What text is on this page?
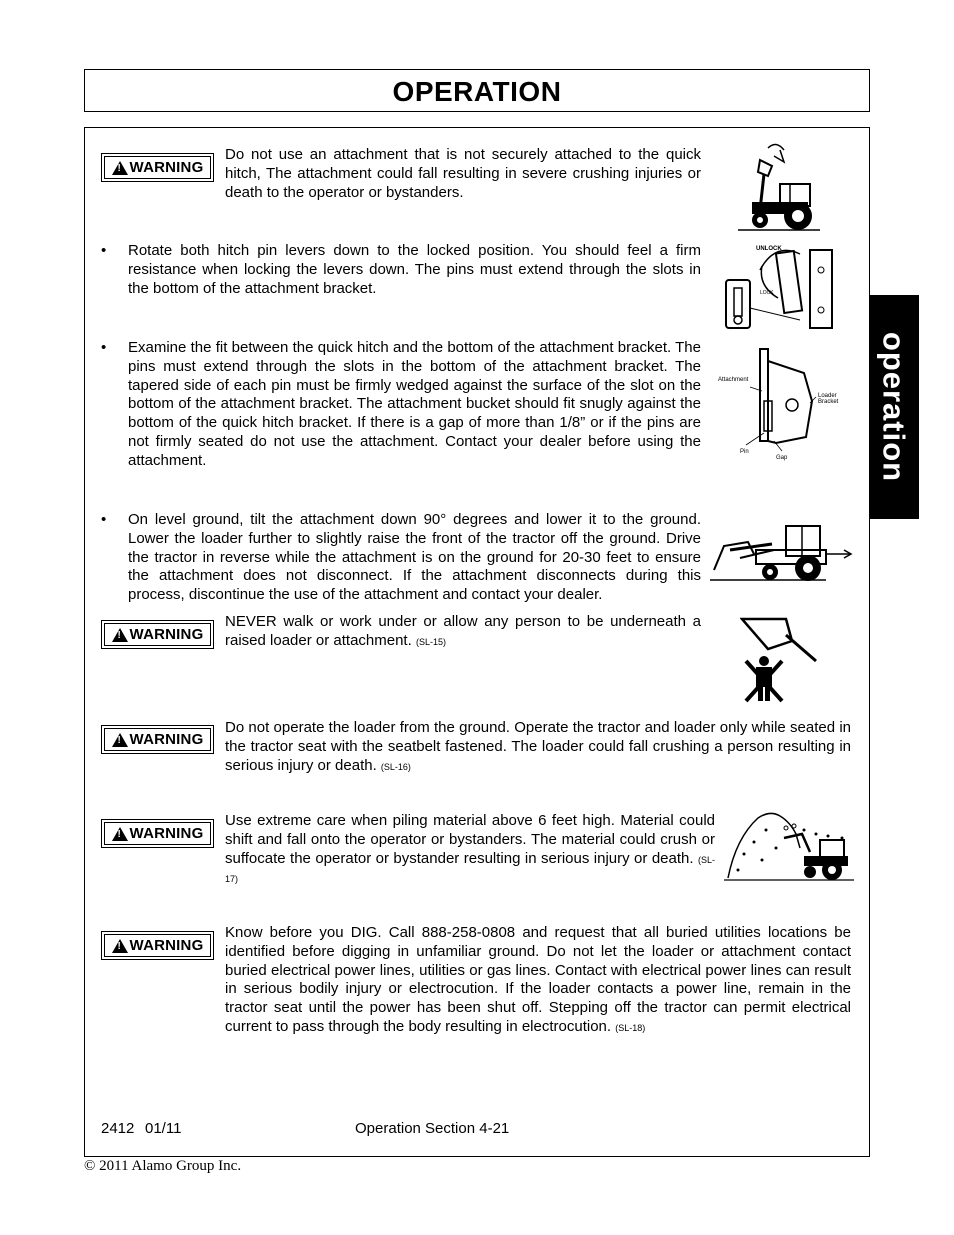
OPERATION
operation
!
WARNING
Do not use an attachment that is not securely attached to the quick hitch, The attachment could fall resulting in severe crushing injuries or death to the operator or bystanders.
• Rotate both hitch pin levers down to the locked position. You should feel a firm resistance when locking the levers down. The pins must extend through the slots in the bottom of the attachment bracket.
UNLOCK
LOCK
• Examine the fit between the quick hitch and the bottom of the attachment bracket. The pins must extend through the slots in the bottom of the attachment bracket. The tapered side of each pin must be firmly wedged against the surface of the slot on the bottom of the attachment bracket. The attachment bucket should fit snugly against the bottom of the quick hitch bracket. If there is a gap of more than 1/8” or if the pins are not firmly seated do not use the attachment. Contact your dealer before using the attachment.
Attachment
Loader
Bracket
Pin
Gap
• On level ground, tilt the attachment down 90° degrees and lower it to the ground. Lower the loader further to slightly raise the front of the tractor off the ground. Drive the tractor in reverse while the attachment is on the ground for 20-30 feet to ensure the attachment does not disconnect. If the attachment disconnects during this process, discontinue the use of the attachment and contact your dealer.
!
WARNING
NEVER walk or work under or allow any person to be underneath a raised loader or attachment. (SL-15)
!
WARNING
Do not operate the loader from the ground. Operate the tractor and loader only while seated in the tractor seat with the seatbelt fastened. The loader could fall crushing a person resulting in serious injury or death. (SL-16)
!
WARNING
Use extreme care when piling material above 6 feet high. Material could shift and fall onto the operator or bystanders. The material could crush or suffocate the operator or bystander resulting in serious injury or death. (SL-17)
!
WARNING
Know before you DIG. Call 888-258-0808 and request that all buried utilities locations be identified before digging in unfamiliar ground. Do not let the loader or attachment contact buried electrical power lines, utilities or gas lines. Contact with electrical power lines can result in serious bodily injury or electrocution. If the loader contacts a power line, remain in the tractor seat until the power has been shut off. Stepping off the tractor can permit electrical current to pass through the body resulting in electrocution. (SL-18)
2412 01/11	Operation Section 4-21
© 2011 Alamo Group Inc.
